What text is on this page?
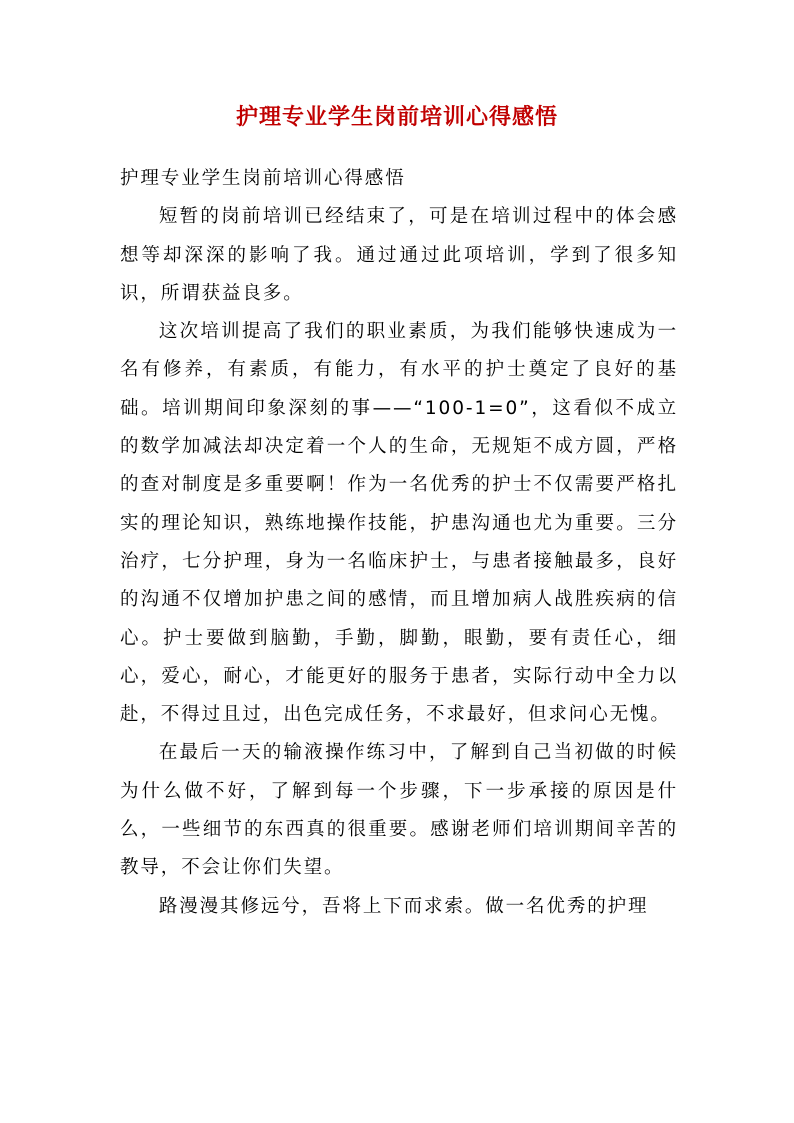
护理专业学生岗前培训心得感悟

护理专业学生岗前培训心得感悟

短暂的岗前培训已经结束了，可是在培训过程中的体会感想等却深深的影响了我。通过通过此项培训，学到了很多知识，所谓获益良多。

这次培训提高了我们的职业素质，为我们能够快速成为一名有修养，有素质，有能力，有水平的护士奠定了良好的基础。培训期间印象深刻的事——“100-1=0”，这看似不成立的数学加减法却决定着一个人的生命，无规矩不成方圆，严格的查对制度是多重要啊！作为一名优秀的护士不仅需要严格扎实的理论知识，熟练地操作技能，护患沟通也尤为重要。三分治疗，七分护理，身为一名临床护士，与患者接触最多，良好的沟通不仅增加护患之间的感情，而且增加病人战胜疾病的信心。护士要做到脑勤，手勤，脚勤，眼勤，要有责任心，细心，爱心，耐心，才能更好的服务于患者，实际行动中全力以赴，不得过且过，出色完成任务，不求最好，但求问心无愧。

在最后一天的输液操作练习中，了解到自己当初做的时候为什么做不好，了解到每一个步骤，下一步承接的原因是什么，一些细节的东西真的很重要。感谢老师们培训期间辛苦的教导，不会让你们失望。

路漫漫其修远兮，吾将上下而求索。做一名优秀的护理
